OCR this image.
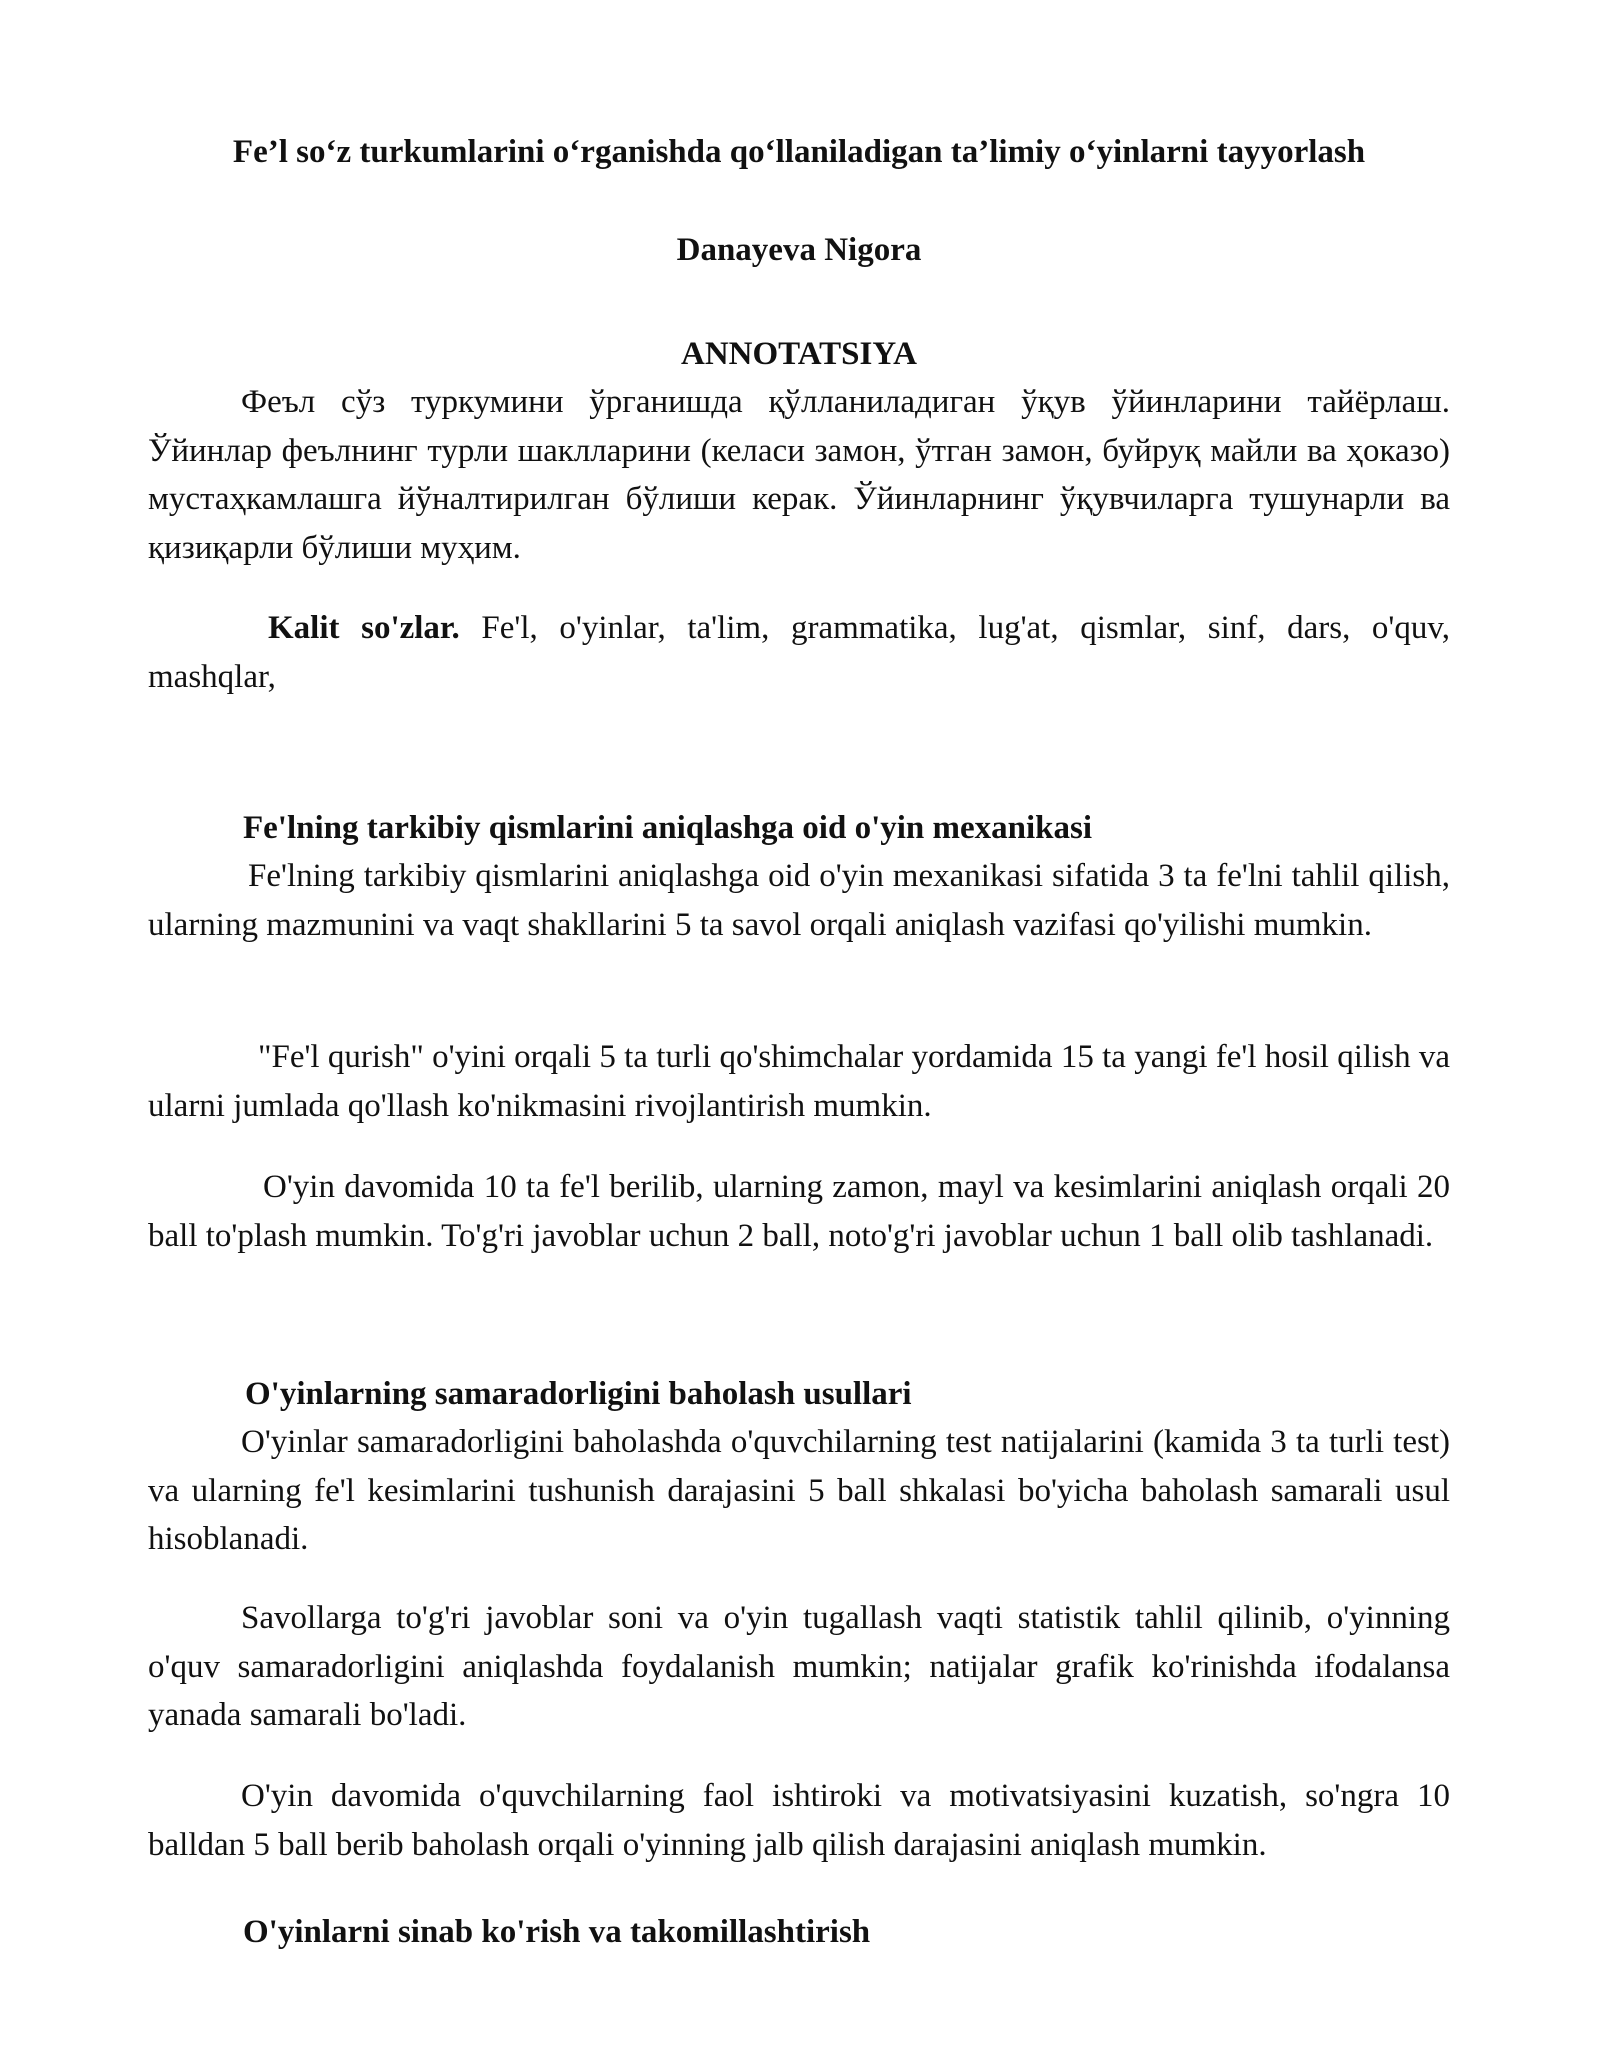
Fe’l so‘z turkumlarini o‘rganishda qo‘llaniladigan ta’limiy o‘yinlarni tayyorlash

Danayeva Nigora

ANNOTATSIYA

Феъл сўз туркумини ўрганишда қўлланиладиган ўқув ўйинларини тайёрлаш. Ўйинлар феълнинг турли шаклларини (келаси замон, ўтган замон, буйруқ майли ва ҳоказо) мустаҳкамлашга йўналтирилган бўлиши керак. Ўйинларнинг ўқувчиларга тушунарли ва қизиқарли бўлиши муҳим.

Kalit so'zlar. Fe'l, o'yinlar, ta'lim, grammatika, lug'at, qismlar, sinf, dars, o'quv, mashqlar,

Fe'lning tarkibiy qismlarini aniqlashga oid o'yin mexanikasi

Fe'lning tarkibiy qismlarini aniqlashga oid o'yin mexanikasi sifatida 3 ta fe'lni tahlil qilish, ularning mazmunini va vaqt shakllarini 5 ta savol orqali aniqlash vazifasi qo'yilishi mumkin.

"Fe'l qurish" o'yini orqali 5 ta turli qo'shimchalar yordamida 15 ta yangi fe'l hosil qilish va ularni jumlada qo'llash ko'nikmasini rivojlantirish mumkin.

O'yin davomida 10 ta fe'l berilib, ularning zamon, mayl va kesimlarini aniqlash orqali 20 ball to'plash mumkin. To'g'ri javoblar uchun 2 ball, noto'g'ri javoblar uchun 1 ball olib tashlanadi.

O'yinlarning samaradorligini baholash usullari

O'yinlar samaradorligini baholashda o'quvchilarning test natijalarini (kamida 3 ta turli test) va ularning fe'l kesimlarini tushunish darajasini 5 ball shkalasi bo'yicha baholash samarali usul hisoblanadi.

Savollarga to'g'ri javoblar soni va o'yin tugallash vaqti statistik tahlil qilinib, o'yinning o'quv samaradorligini aniqlashda foydalanish mumkin; natijalar grafik ko'rinishda ifodalansa yanada samarali bo'ladi.

O'yin davomida o'quvchilarning faol ishtiroki va motivatsiyasini kuzatish, so'ngra 10 balldan 5 ball berib baholash orqali o'yinning jalb qilish darajasini aniqlash mumkin.

O'yinlarni sinab ko'rish va takomillashtirish
